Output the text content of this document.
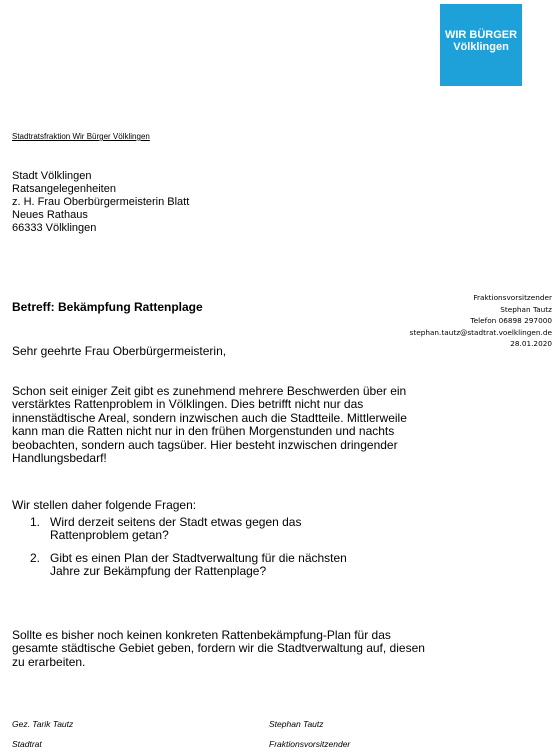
WIR BÜRGER
Völklingen
Stadtratsfraktion Wir Bürger Völklingen
Stadt Völklingen
Ratsangelegenheiten
z. H. Frau Oberbürgermeisterin Blatt
Neues Rathaus
66333 Völklingen
Fraktionsvorsitzender
Stephan Tautz
Telefon 06898 297000
stephan.tautz@stadtrat.voelklingen.de
28.01.2020
Betreff: Bekämpfung Rattenplage
Sehr geehrte Frau Oberbürgermeisterin,
Schon seit einiger Zeit gibt es zunehmend mehrere Beschwerden über ein verstärktes Rattenproblem in Völklingen. Dies betrifft nicht nur das innenstädtische Areal, sondern inzwischen auch die Stadtteile. Mittlerweile kann man die Ratten nicht nur in den frühen Morgenstunden und nachts beobachten, sondern auch tagsüber. Hier besteht inzwischen dringender Handlungsbedarf!
Wir stellen daher folgende Fragen:
1. Wird derzeit seitens der Stadt etwas gegen das Rattenproblem getan?
2. Gibt es einen Plan der Stadtverwaltung für die nächsten Jahre zur Bekämpfung der Rattenplage?
Sollte es bisher noch keinen konkreten Rattenbekämpfung-Plan für das gesamte städtische Gebiet geben, fordern wir die Stadtverwaltung auf, diesen zu erarbeiten.
Gez. Tarik Tautz
Stadtrat
Stephan Tautz
Fraktionsvorsitzender
